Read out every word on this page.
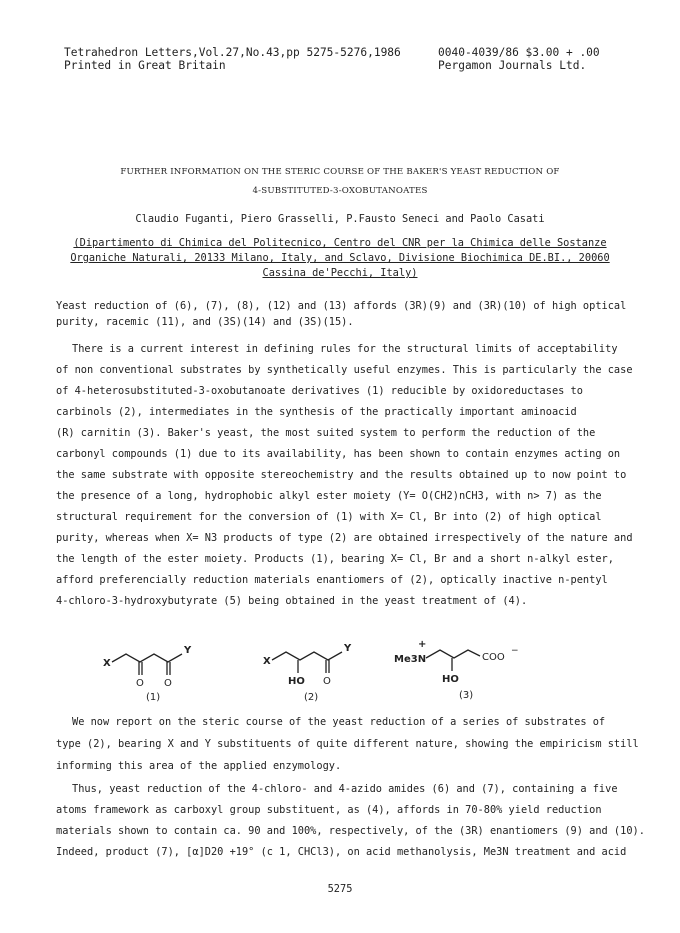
Tetrahedron Letters,Vol.27,No.43,pp 5275-5276,1986
Printed in Great Britain
0040-4039/86 $3.00 + .00
Pergamon Journals Ltd.
FURTHER INFORMATION ON THE STERIC COURSE OF THE BAKER'S YEAST REDUCTION OF
4-SUBSTITUTED-3-OXOBUTANOATES
Claudio Fuganti, Piero Grasselli, P.Fausto Seneci and Paolo Casati
(Dipartimento di Chimica del Politecnico, Centro del CNR per la Chimica delle Sostanze
Organiche Naturali, 20133 Milano, Italy, and Sclavo, Divisione Biochimica DE.BI., 20060
Cassina de'Pecchi, Italy)
Yeast reduction of (6), (7), (8), (12) and (13) affords (3R)(9) and (3R)(10) of high optical
purity, racemic (11), and (3S)(14) and (3S)(15).
There is a current interest in defining rules for the structural limits of acceptability
of non conventional substrates by synthetically useful enzymes. This is particularly the case
of 4-heterosubstituted-3-oxobutanoate derivatives (1) reducible by oxidoreductases to
carbinols (2), intermediates in the synthesis of the practically important aminoacid
(R) carnitin (3). Baker's yeast, the most suited system to perform the reduction of the
carbonyl compounds (1) due to its availability, has been shown to contain enzymes acting on
the same substrate with opposite stereochemistry and the results obtained up to now point to
the presence of a long, hydrophobic alkyl ester moiety (Y= O(CH2)nCH3, with n> 7) as the
structural requirement for the conversion of (1) with X= Cl, Br into (2) of high optical
purity, whereas when X= N3 products of type (2) are obtained irrespectively of the nature and
the length of the ester moiety. Products (1), bearing X= Cl, Br and a short n-alkyl ester,
afford preferencially reduction materials enantiomers of (2), optically inactive n-pentyl
4-chloro-3-hydroxybutyrate (5) being obtained in the yeast treatment of (4).
X
Y
O O
(1)
X
Y
HO O
(2)
Me3N
+
COO
−
HO
(3)
We now report on the steric course of the yeast reduction of a series of substrates of
type (2), bearing X and Y substituents of quite different nature, showing the empiricism still
informing this area of the applied enzymology.
Thus, yeast reduction of the 4-chloro- and 4-azido amides (6) and (7), containing a five
atoms framework as carboxyl group substituent, as (4), affords in 70-80% yield reduction
materials shown to contain ca. 90 and 100%, respectively, of the (3R) enantiomers (9) and (10).
Indeed, product (7), [α]D20 +19° (c 1, CHCl3), on acid methanolysis, Me3N treatment and acid
5275
